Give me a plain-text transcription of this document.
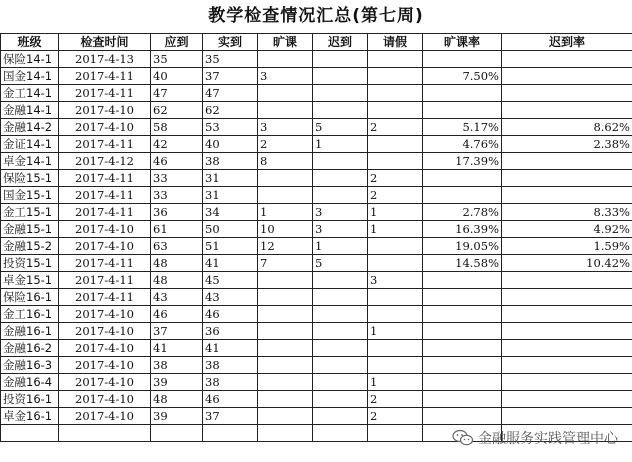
教学检查情况汇总(第七周)
班级	检查时间	应到	实到	旷课	迟到	请假	旷课率	迟到率
保险14-1	2017-4-13	35	35					
国金14-1	2017-4-11	40	37	3			7.50%	
金工14-1	2017-4-11	47	47					
金融14-1	2017-4-10	62	62					
金融14-2	2017-4-10	58	53	3	5	2	5.17%	8.62%
金证14-1	2017-4-11	42	40	2	1		4.76%	2.38%
卓金14-1	2017-4-12	46	38	8			17.39%	
保险15-1	2017-4-11	33	31			2		
国金15-1	2017-4-11	33	31			2		
金工15-1	2017-4-11	36	34	1	3	1	2.78%	8.33%
金融15-1	2017-4-10	61	50	10	3	1	16.39%	4.92%
金融15-2	2017-4-10	63	51	12	1		19.05%	1.59%
投资15-1	2017-4-11	48	41	7	5		14.58%	10.42%
卓金15-1	2017-4-11	48	45			3		
保险16-1	2017-4-11	43	43					
金工16-1	2017-4-10	46	46					
金融16-1	2017-4-10	37	36			1		
金融16-2	2017-4-10	41	41					
金融16-3	2017-4-10	38	38					
金融16-4	2017-4-10	39	38			1		
投资16-1	2017-4-10	48	46			2		
卓金16-1	2017-4-10	39	37			2		

金融服务实践管理中心
